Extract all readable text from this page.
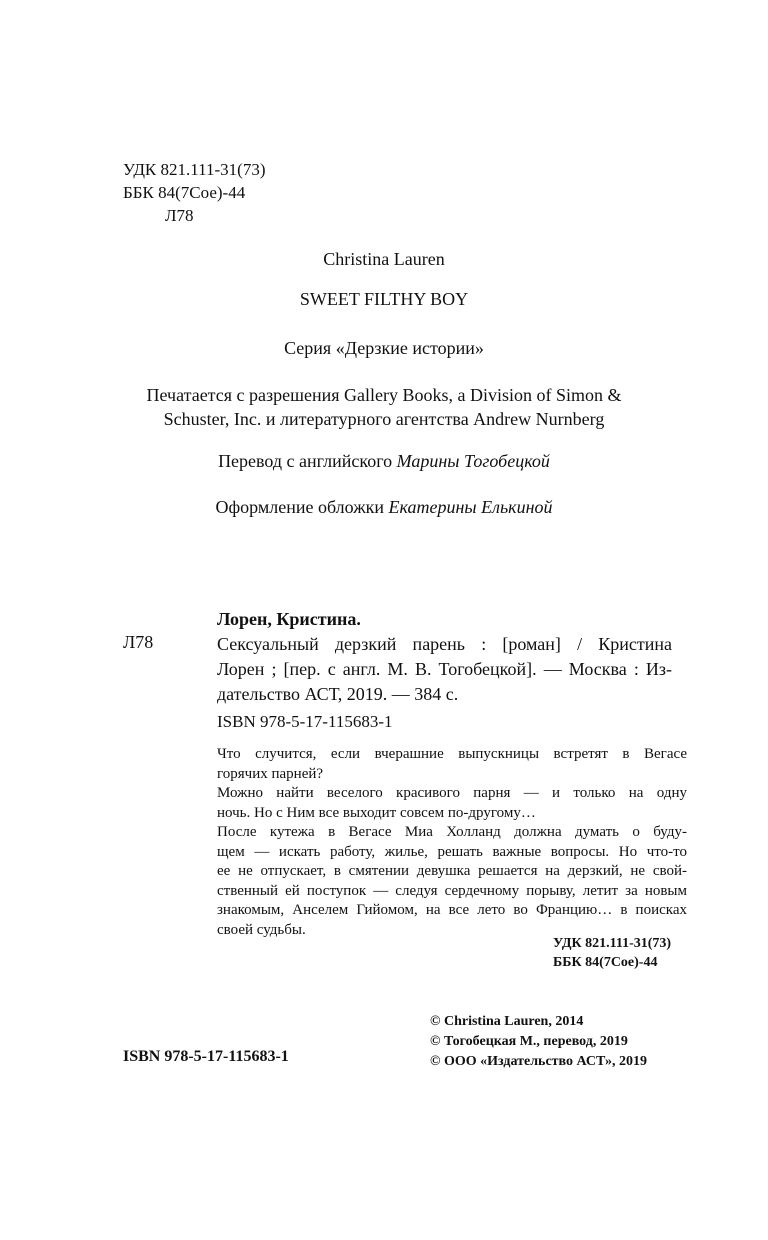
УДК 821.111-31(73)
ББК 84(7Сое)-44
Л78
Christina Lauren
SWEET FILTHY BOY
Серия «Дерзкие истории»
Печатается с разрешения Gallery Books, a Division of Simon &
Schuster, Inc. и литературного агентства Andrew Nurnberg
Перевод с английского Марины Тогобецкой
Оформление обложки Екатерины Елькиной
Лорен, Кристина.
Л78	Сексуальный дерзкий парень : [роман] / Кристина
Лорен ; [пер. с англ. М. В. Тогобецкой]. — Москва : Из-
дательство АСТ, 2019. — 384 с.
ISBN 978-5-17-115683-1
Что случится, если вчерашние выпускницы встретят в Вегасе
горячих парней?
Можно найти веселого красивого парня — и только на одну
ночь. Но с Ним все выходит совсем по-другому…
После кутежа в Вегасе Миа Холланд должна думать о буду-
щем — искать работу, жилье, решать важные вопросы. Но что-то
ее не отпускает, в смятении девушка решается на дерзкий, не свой-
ственный ей поступок — следуя сердечному порыву, летит за новым
знакомым, Анселем Гийомом, на все лето во Францию… в поисках
своей судьбы.
УДК 821.111-31(73)
ББК 84(7Сое)-44
© Christina Lauren, 2014
© Тогобецкая М., перевод, 2019
© ООО «Издательство АСТ», 2019
ISBN 978-5-17-115683-1
